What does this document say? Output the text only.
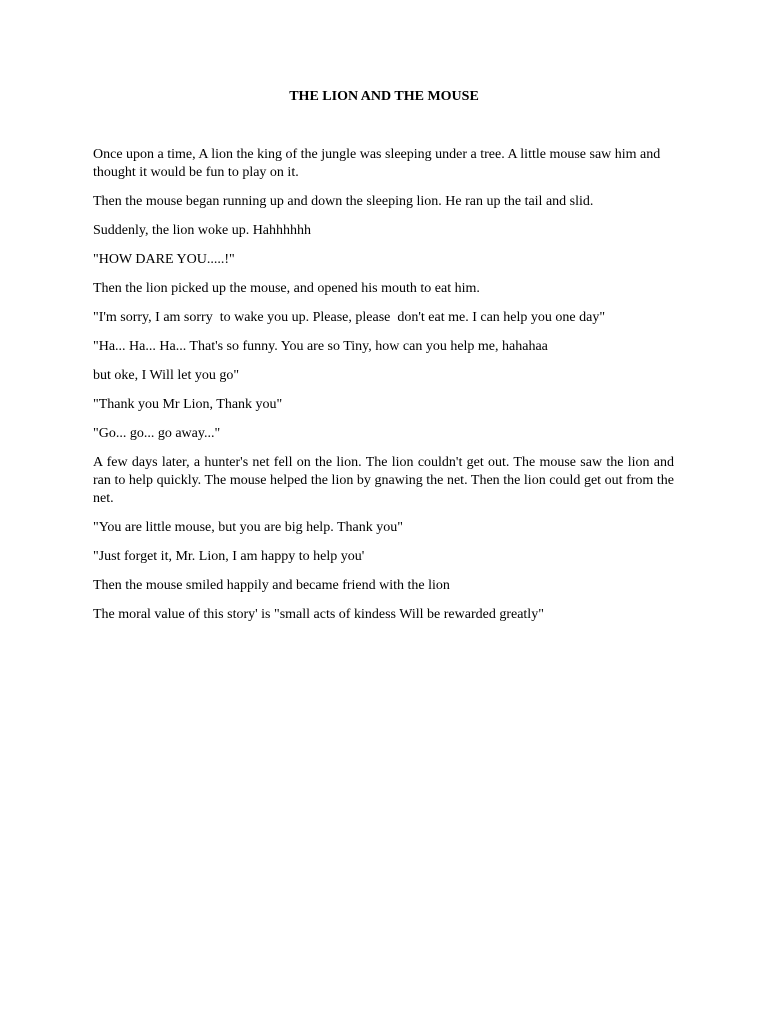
THE LION AND THE MOUSE

Once upon a time, A lion the king of the jungle was sleeping under a tree. A little mouse saw him and thought it would be fun to play on it.

Then the mouse began running up and down the sleeping lion. He ran up the tail and slid.

Suddenly, the lion woke up. Hahhhhhh

"HOW DARE YOU.....!"

Then the lion picked up the mouse, and opened his mouth to eat him.

"I'm sorry, I am sorry  to wake you up. Please, please  don't eat me. I can help you one day"

"Ha... Ha... Ha... That's so funny. You are so Tiny, how can you help me, hahahaa

but oke, I Will let you go"

"Thank you Mr Lion, Thank you"

"Go... go... go away..."

A few days later, a hunter's net fell on the lion. The lion couldn't get out. The mouse saw the lion and ran to help quickly. The mouse helped the lion by gnawing the net. Then the lion could get out from the net.

"You are little mouse, but you are big help. Thank you"

"Just forget it, Mr. Lion, I am happy to help you'

Then the mouse smiled happily and became friend with the lion

The moral value of this story' is "small acts of kindess Will be rewarded greatly"
